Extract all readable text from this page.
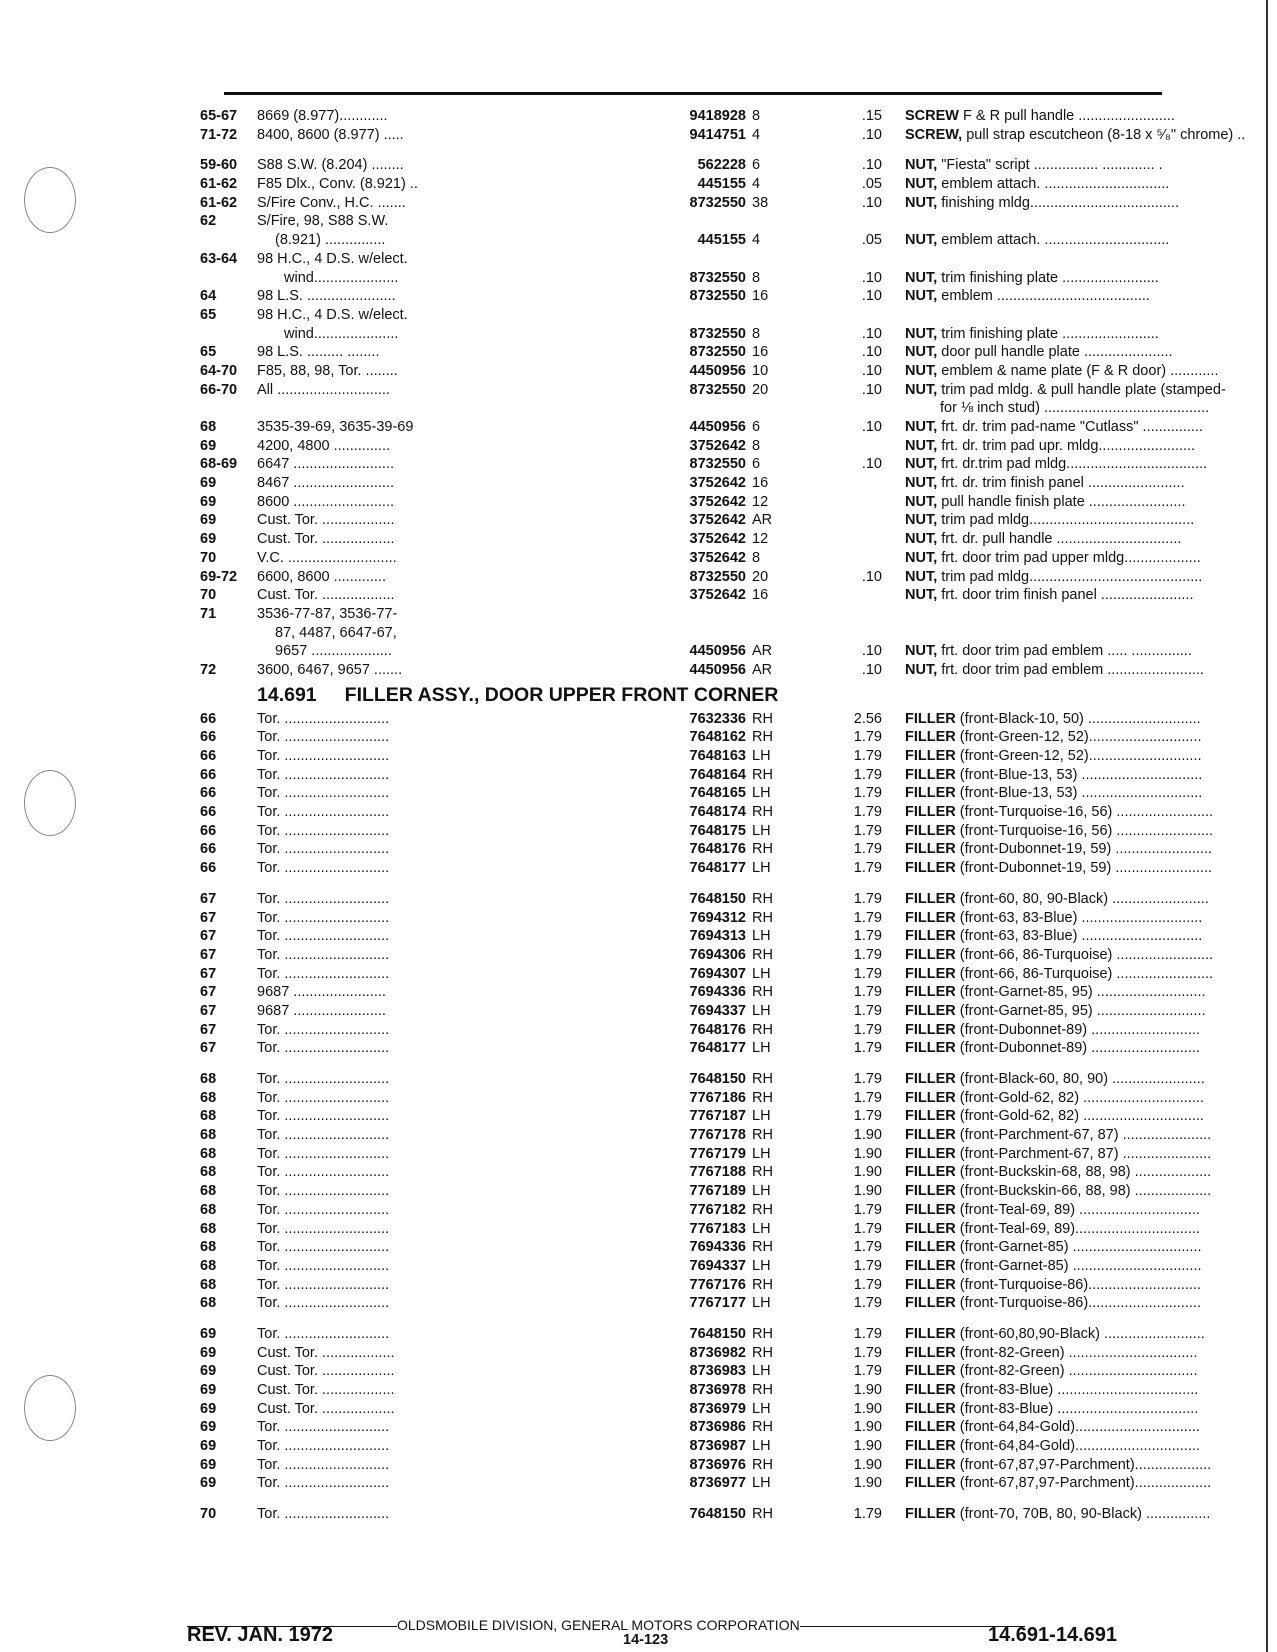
65-67	8669 (8.977)............	9418928 8	.15 SCREW F & R pull handle ........................
71-72	8400, 8600 (8.977) .....	9414751 4	.10 SCREW, pull strap escutcheon (8-18 x ⁵⁄₈" chrome) ..
59-60	S88 S.W. (8.204) ........	562228 6	.10 NUT, "Fiesta" script ................ ............. .
61-62	F85 Dlx., Conv. (8.921) ..	445155 4	.05 NUT, emblem attach. ...............................
61-62	S/Fire Conv., H.C. .......	8732550 38	.10 NUT, finishing mldg.....................................
62	S/Fire, 98, S88 S.W.
(8.921) ...............	445155 4	.05 NUT, emblem attach. ...............................
63-64	98 H.C., 4 D.S. w/elect.
wind.....................	8732550 8	.10 NUT, trim finishing plate ........................
64	98 L.S. ......................	8732550 16	.10 NUT, emblem ......................................
65	98 H.C., 4 D.S. w/elect.
wind.....................	8732550 8	.10 NUT, trim finishing plate ........................
65	98 L.S. ......... ........	8732550 16	.10 NUT, door pull handle plate ......................
64-70	F85, 88, 98, Tor. ........	4450956 10	.10 NUT, emblem & name plate (F & R door) ............
66-70	All ............................	8732550 20	.10 NUT, trim pad mldg. & pull handle plate (stamped-
for ⅛ inch stud) .........................................
68	3535-39-69, 3635-39-69	4450956 6	.10 NUT, frt. dr. trim pad-name "Cutlass" ...............
69	4200, 4800 ..............	3752642 8	NUT, frt. dr. trim pad upr. mldg........................
68-69	6647 .........................	8732550 6	.10 NUT, frt. dr.trim pad mldg...................................
69	8467 .........................	3752642 16	NUT, frt. dr. trim finish panel ........................
69	8600 .........................	3752642 12	NUT, pull handle finish plate ........................
69	Cust. Tor. ..................	3752642 AR	NUT, trim pad mldg.........................................
69	Cust. Tor. ..................	3752642 12	NUT, frt. dr. pull handle ...............................
70	V.C. ...........................	3752642 8	NUT, frt. door trim pad upper mldg...................
69-72	6600, 8600 .............	8732550 20	.10 NUT, trim pad mldg...........................................
70	Cust. Tor. ..................	3752642 16	NUT, frt. door trim finish panel .......................
71	3536-77-87, 3536-77-
87, 4487, 6647-67,
9657 ....................	4450956 AR	.10 NUT, frt. door trim pad emblem ..... ...............
72	3600, 6467, 9657 .......	4450956 AR	.10 NUT, frt. door trim pad emblem ........................
14.691 FILLER ASSY., DOOR UPPER FRONT CORNER
66	Tor. ..........................	7632336 RH	2.56 FILLER (front-Black-10, 50) ............................
66	Tor. ..........................	7648162 RH	1.79 FILLER (front-Green-12, 52)............................
66	Tor. ..........................	7648163 LH	1.79 FILLER (front-Green-12, 52)............................
66	Tor. ..........................	7648164 RH	1.79 FILLER (front-Blue-13, 53) ..............................
66	Tor. ..........................	7648165 LH	1.79 FILLER (front-Blue-13, 53) ..............................
66	Tor. ..........................	7648174 RH	1.79 FILLER (front-Turquoise-16, 56) ........................
66	Tor. ..........................	7648175 LH	1.79 FILLER (front-Turquoise-16, 56) ........................
66	Tor. ..........................	7648176 RH	1.79 FILLER (front-Dubonnet-19, 59) ........................
66	Tor. ..........................	7648177 LH	1.79 FILLER (front-Dubonnet-19, 59) ........................
67	Tor. ..........................	7648150 RH	1.79 FILLER (front-60, 80, 90-Black) ........................
67	Tor. ..........................	7694312 RH	1.79 FILLER (front-63, 83-Blue) ..............................
67	Tor. ..........................	7694313 LH	1.79 FILLER (front-63, 83-Blue) ..............................
67	Tor. ..........................	7694306 RH	1.79 FILLER (front-66, 86-Turquoise) ........................
67	Tor. ..........................	7694307 LH	1.79 FILLER (front-66, 86-Turquoise) ........................
67	9687 .......................	7694336 RH	1.79 FILLER (front-Garnet-85, 95) ...........................
67	9687 .......................	7694337 LH	1.79 FILLER (front-Garnet-85, 95) ...........................
67	Tor. ..........................	7648176 RH	1.79 FILLER (front-Dubonnet-89) ...........................
67	Tor. ..........................	7648177 LH	1.79 FILLER (front-Dubonnet-89) ...........................
68	Tor. ..........................	7648150 RH	1.79 FILLER (front-Black-60, 80, 90) .......................
68	Tor. ..........................	7767186 RH	1.79 FILLER (front-Gold-62, 82) ..............................
68	Tor. ..........................	7767187 LH	1.79 FILLER (front-Gold-62, 82) ..............................
68	Tor. ..........................	7767178 RH	1.90 FILLER (front-Parchment-67, 87) ......................
68	Tor. ..........................	7767179 LH	1.90 FILLER (front-Parchment-67, 87) ......................
68	Tor. ..........................	7767188 RH	1.90 FILLER (front-Buckskin-68, 88, 98) ...................
68	Tor. ..........................	7767189 LH	1.90 FILLER (front-Buckskin-66, 88, 98) ...................
68	Tor. ..........................	7767182 RH	1.79 FILLER (front-Teal-69, 89) ..............................
68	Tor. ..........................	7767183 LH	1.79 FILLER (front-Teal-69, 89)...............................
68	Tor. ..........................	7694336 RH	1.79 FILLER (front-Garnet-85) ................................
68	Tor. ..........................	7694337 LH	1.79 FILLER (front-Garnet-85) ................................
68	Tor. ..........................	7767176 RH	1.79 FILLER (front-Turquoise-86)............................
68	Tor. ..........................	7767177 LH	1.79 FILLER (front-Turquoise-86)............................
69	Tor. ..........................	7648150 RH	1.79 FILLER (front-60,80,90-Black) .........................
69	Cust. Tor. ..................	8736982 RH	1.79 FILLER (front-82-Green) ................................
69	Cust. Tor. ..................	8736983 LH	1.79 FILLER (front-82-Green) ................................
69	Cust. Tor. ..................	8736978 RH	1.90 FILLER (front-83-Blue) ...................................
69	Cust. Tor. ..................	8736979 LH	1.90 FILLER (front-83-Blue) ...................................
69	Tor. ..........................	8736986 RH	1.90 FILLER (front-64,84-Gold)...............................
69	Tor. ..........................	8736987 LH	1.90 FILLER (front-64,84-Gold)...............................
69	Tor. ..........................	8736976 RH	1.90 FILLER (front-67,87,97-Parchment)...................
69	Tor. ..........................	8736977 LH	1.90 FILLER (front-67,87,97-Parchment)...................
70	Tor. ..........................	7648150 RH	1.79 FILLER (front-70, 70B, 80, 90-Black) ................
OLDSMOBILE DIVISION, GENERAL MOTORS CORPORATION
REV. JAN. 1972	14-123	14.691-14.691
